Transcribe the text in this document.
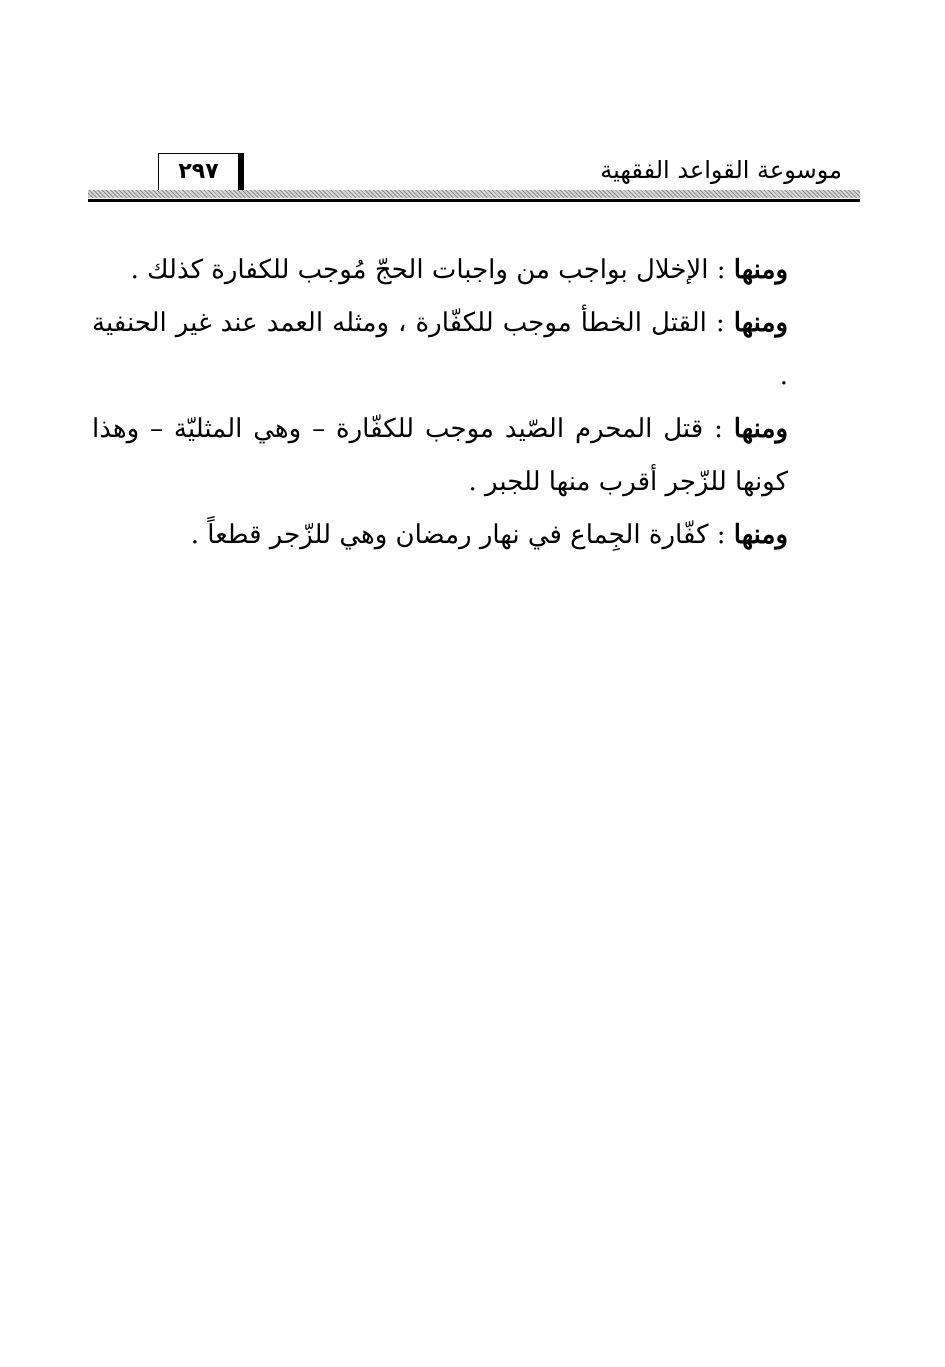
٢٩٧	موسوعة القواعد الفقهية

ومنها : الإخلال بواجب من واجبات الحجّ مُوجب للكفارة كذلك .

ومنها : القتل الخطأ موجب للكفّارة ، ومثله العمد عند غير الحنفية .

ومنها : قتل المحرم الصّيد موجب للكفّارة – وهي المثليّة – وهذا كونها للزّجر أقرب منها للجبر .

ومنها : كفّارة الجِماع في نهار رمضان وهي للزّجر قطعاً .
